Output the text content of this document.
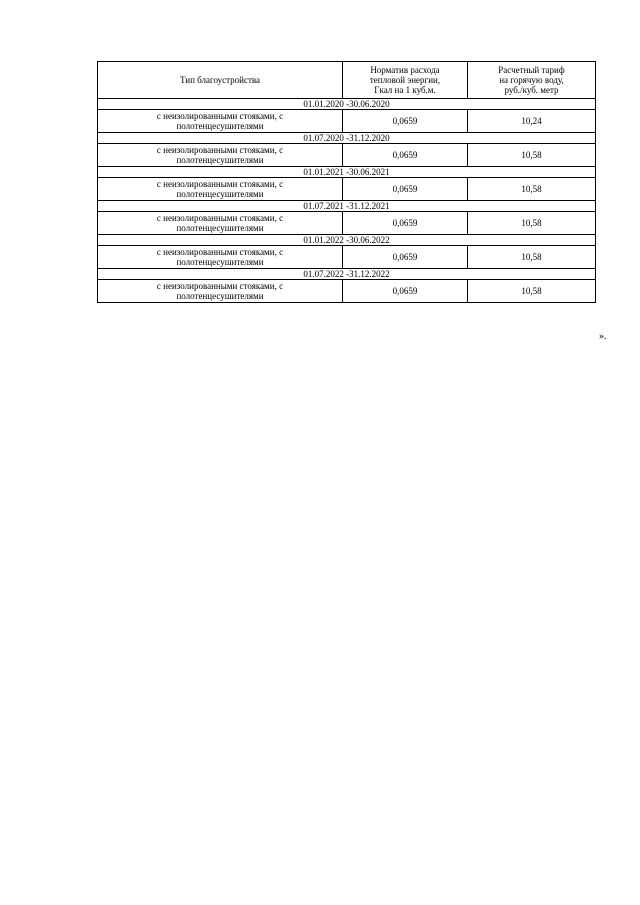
Тип благоустройства	Норматив расхода
тепловой энергии,
Гкал на 1 куб.м.	Расчетный тариф
на горячую воду,
руб./куб. метр
01.01.2020 -30.06.2020		
с неизолированными стояками, с
полотенцесушителями	0,0659	10,24
01.07.2020 -31.12.2020		
с неизолированными стояками, с
полотенцесушителями	0,0659	10,58
01.01.2021 -30.06.2021		
с неизолированными стояками, с
полотенцесушителями	0,0659	10,58
01.07.2021 -31.12.2021		
с неизолированными стояками, с
полотенцесушителями	0,0659	10,58
01.01.2022 -30.06.2022		
с неизолированными стояками, с
полотенцесушителями	0,0659	10,58
01.07.2022 -31.12.2022		
с неизолированными стояками, с
полотенцесушителями	0,0659	10,58
».
